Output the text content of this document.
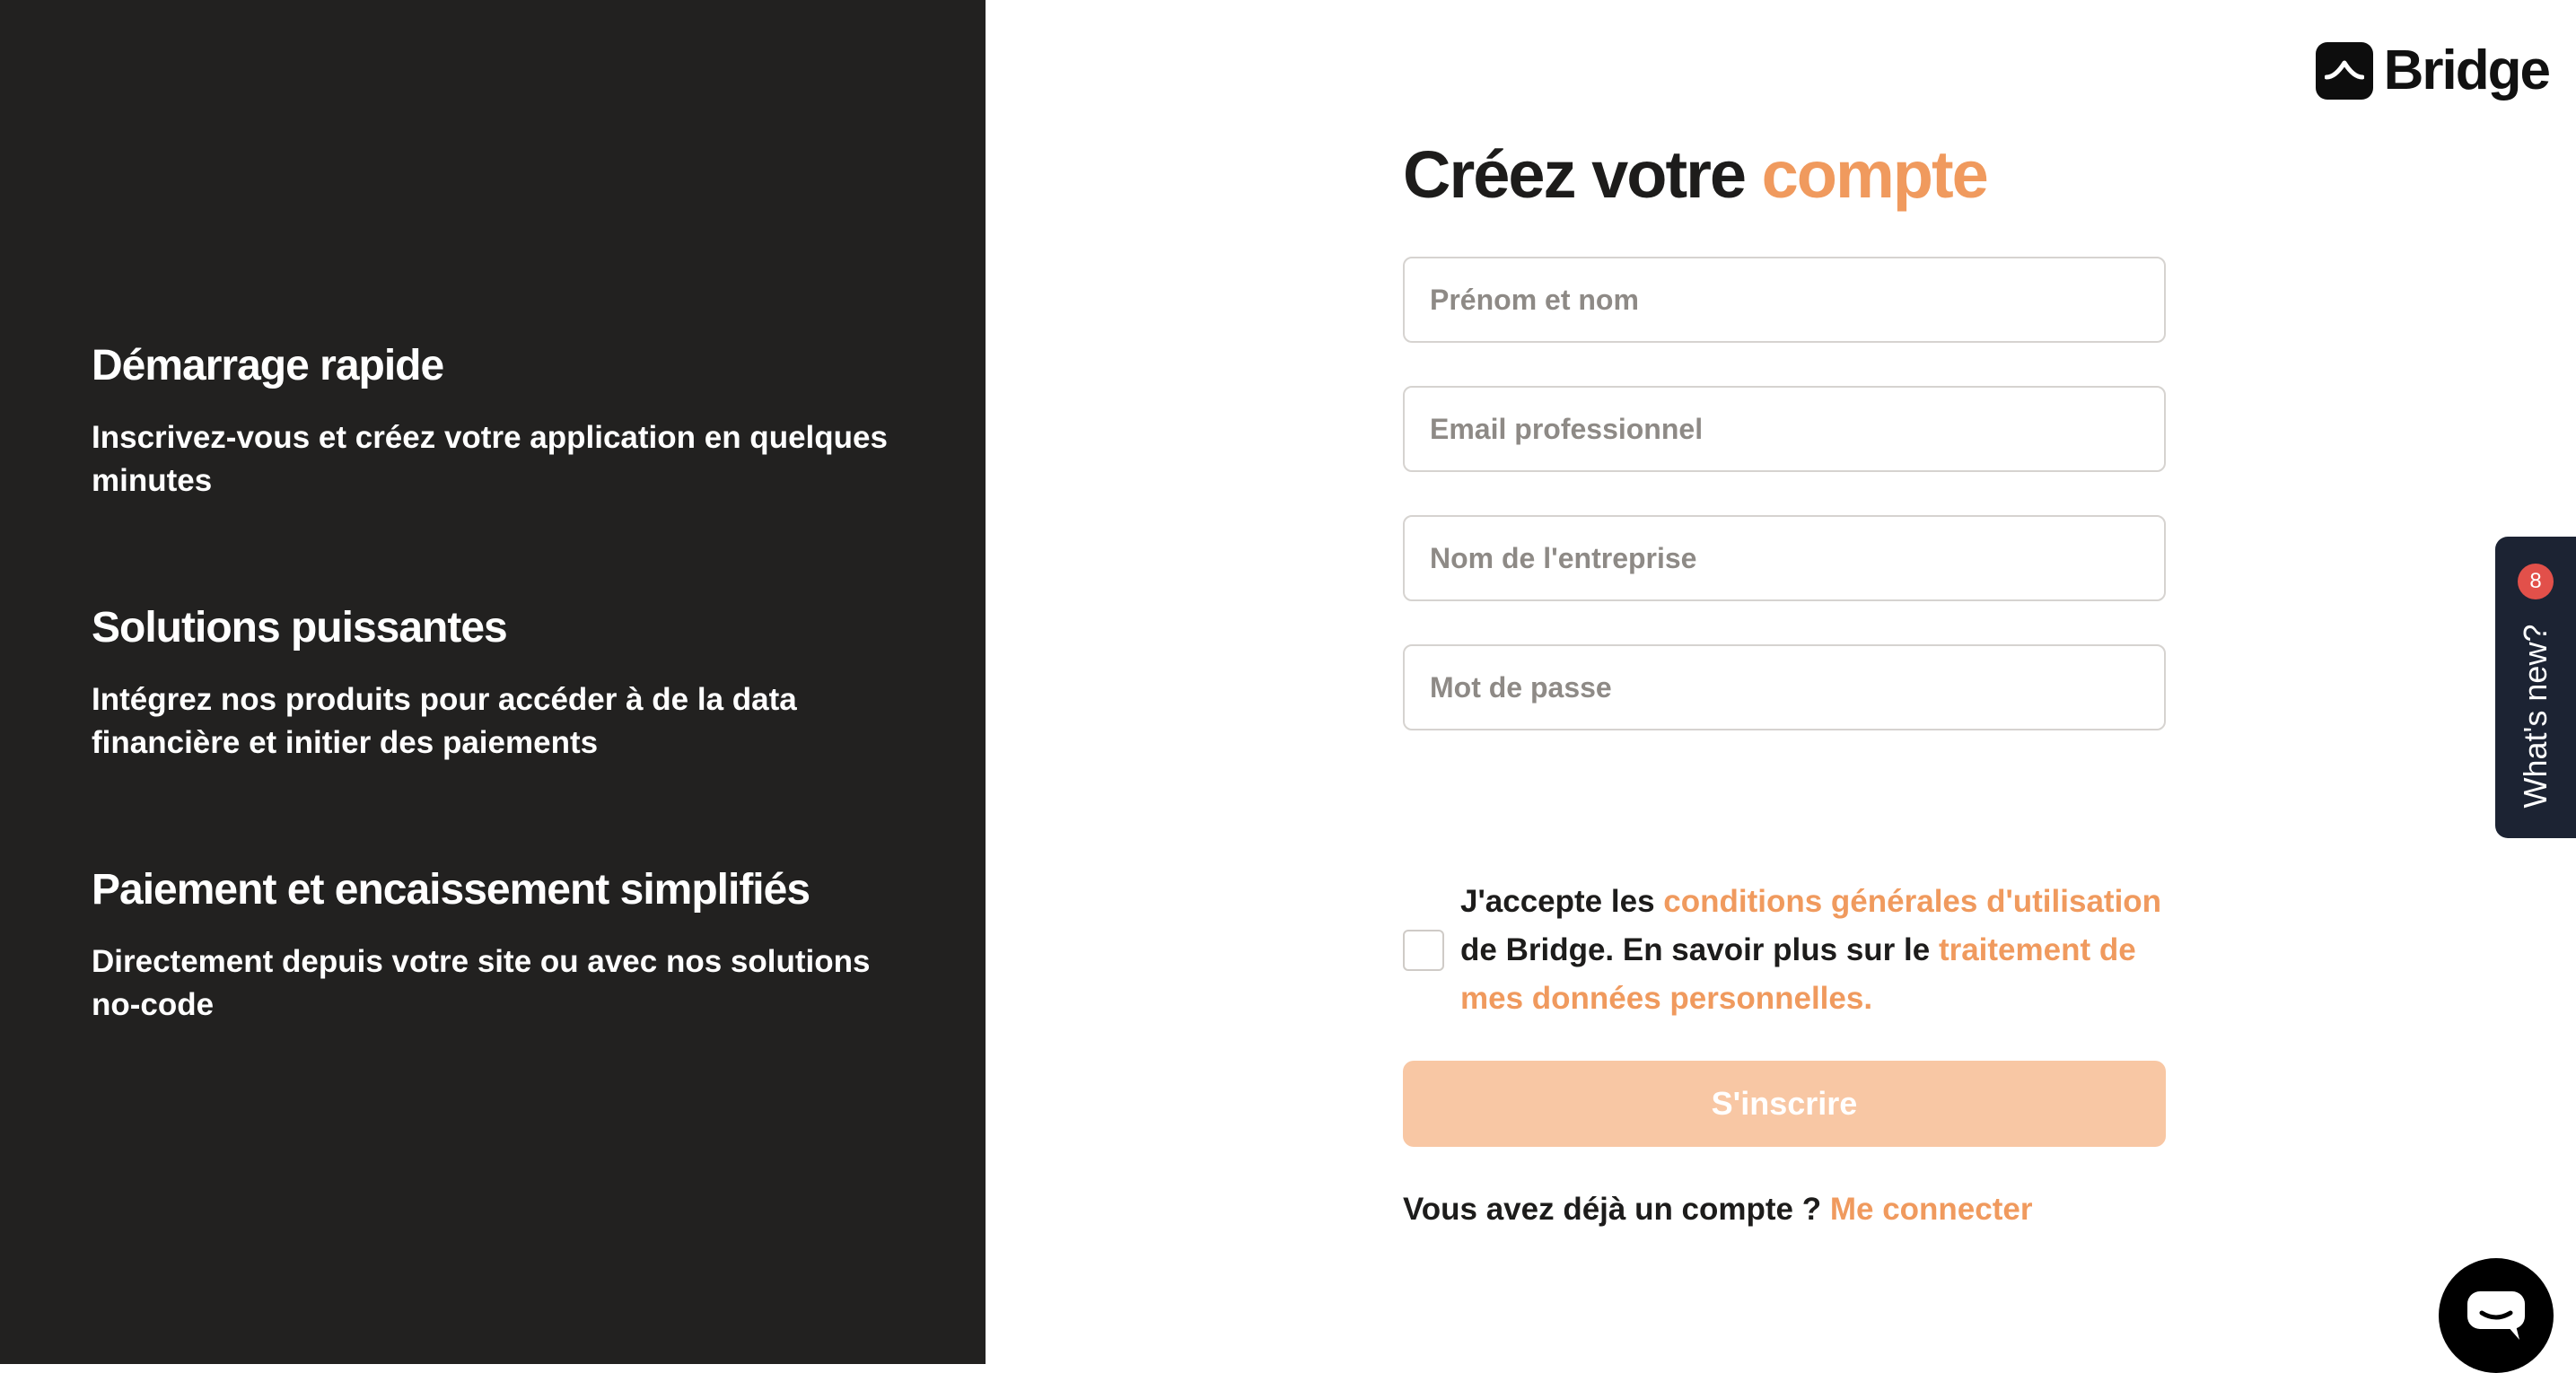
Démarrage rapide

Inscrivez-vous et créez votre application en quelques minutes

Solutions puissantes

Intégrez nos produits pour accéder à de la data financière et initier des paiements

Paiement et encaissement simplifiés

Directement depuis votre site ou avec nos solutions no-code

Bridge
Créez votre compte
Prénom et nom
Email professionnel
Nom de l'entreprise
J'accepte les conditions générales d'utilisation de Bridge. En savoir plus sur le traitement de mes données personnelles.
S'inscrire
Vous avez déjà un compte ? Me connecter
8
What's new?
